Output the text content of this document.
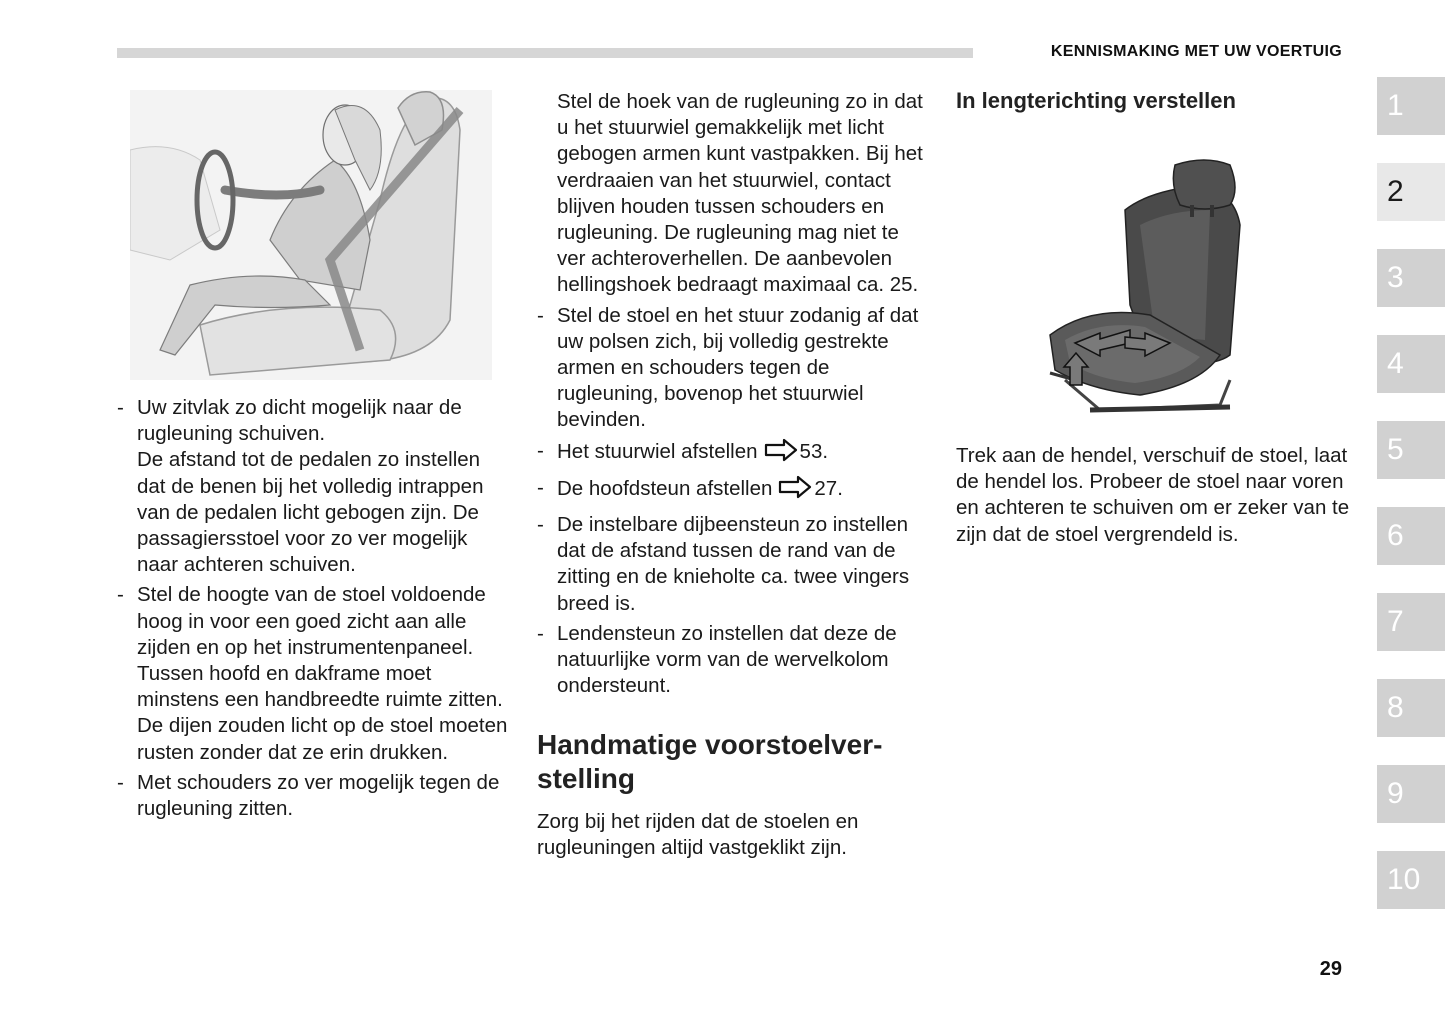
KENNISMAKING MET UW VOERTUIG
- Uw zitvlak zo dicht mogelijk naar de rugleuning schuiven.
De afstand tot de pedalen zo instellen dat de benen bij het volledig intrappen van de pedalen licht gebogen zijn. De passagiersstoel voor zo ver mogelijk naar achteren schuiven.
- Stel de hoogte van de stoel voldoende hoog in voor een goed zicht aan alle zijden en op het instrumentenpaneel.
Tussen hoofd en dakframe moet minstens een handbreedte ruimte zitten. De dijen zouden licht op de stoel moeten rusten zonder dat ze erin drukken.
- Met schouders zo ver mogelijk tegen de rugleuning zitten.
Stel de hoek van de rugleuning zo in dat u het stuurwiel gemakkelijk met licht gebogen armen kunt vastpakken. Bij het verdraaien van het stuurwiel, contact blijven houden tussen schouders en rugleuning. De rugleuning mag niet te ver achteroverhellen. De aanbevolen hellingshoek bedraagt maximaal ca. 25.
- Stel de stoel en het stuur zodanig af dat uw polsen zich, bij volledig gestrekte armen en schouders tegen de rugleuning, bovenop het stuurwiel bevinden.
- Het stuurwiel afstellen 53.
- De hoofdsteun afstellen 27.
- De instelbare dijbeensteun zo instellen dat de afstand tussen de rand van de zitting en de knieholte ca. twee vingers breed is.
- Lendensteun zo instellen dat deze de natuurlijke vorm van de wervelkolom ondersteunt.
Handmatige voorstoelverstelling

Zorg bij het rijden dat de stoelen en rugleuningen altijd vastgeklikt zijn.

In lengterichting verstellen

Trek aan de hendel, verschuif de stoel, laat de hendel los. Probeer de stoel naar voren en achteren te schuiven om er zeker van te zijn dat de stoel vergrendeld is.

1
2
3
4
5
6
7
8
9
10
29
